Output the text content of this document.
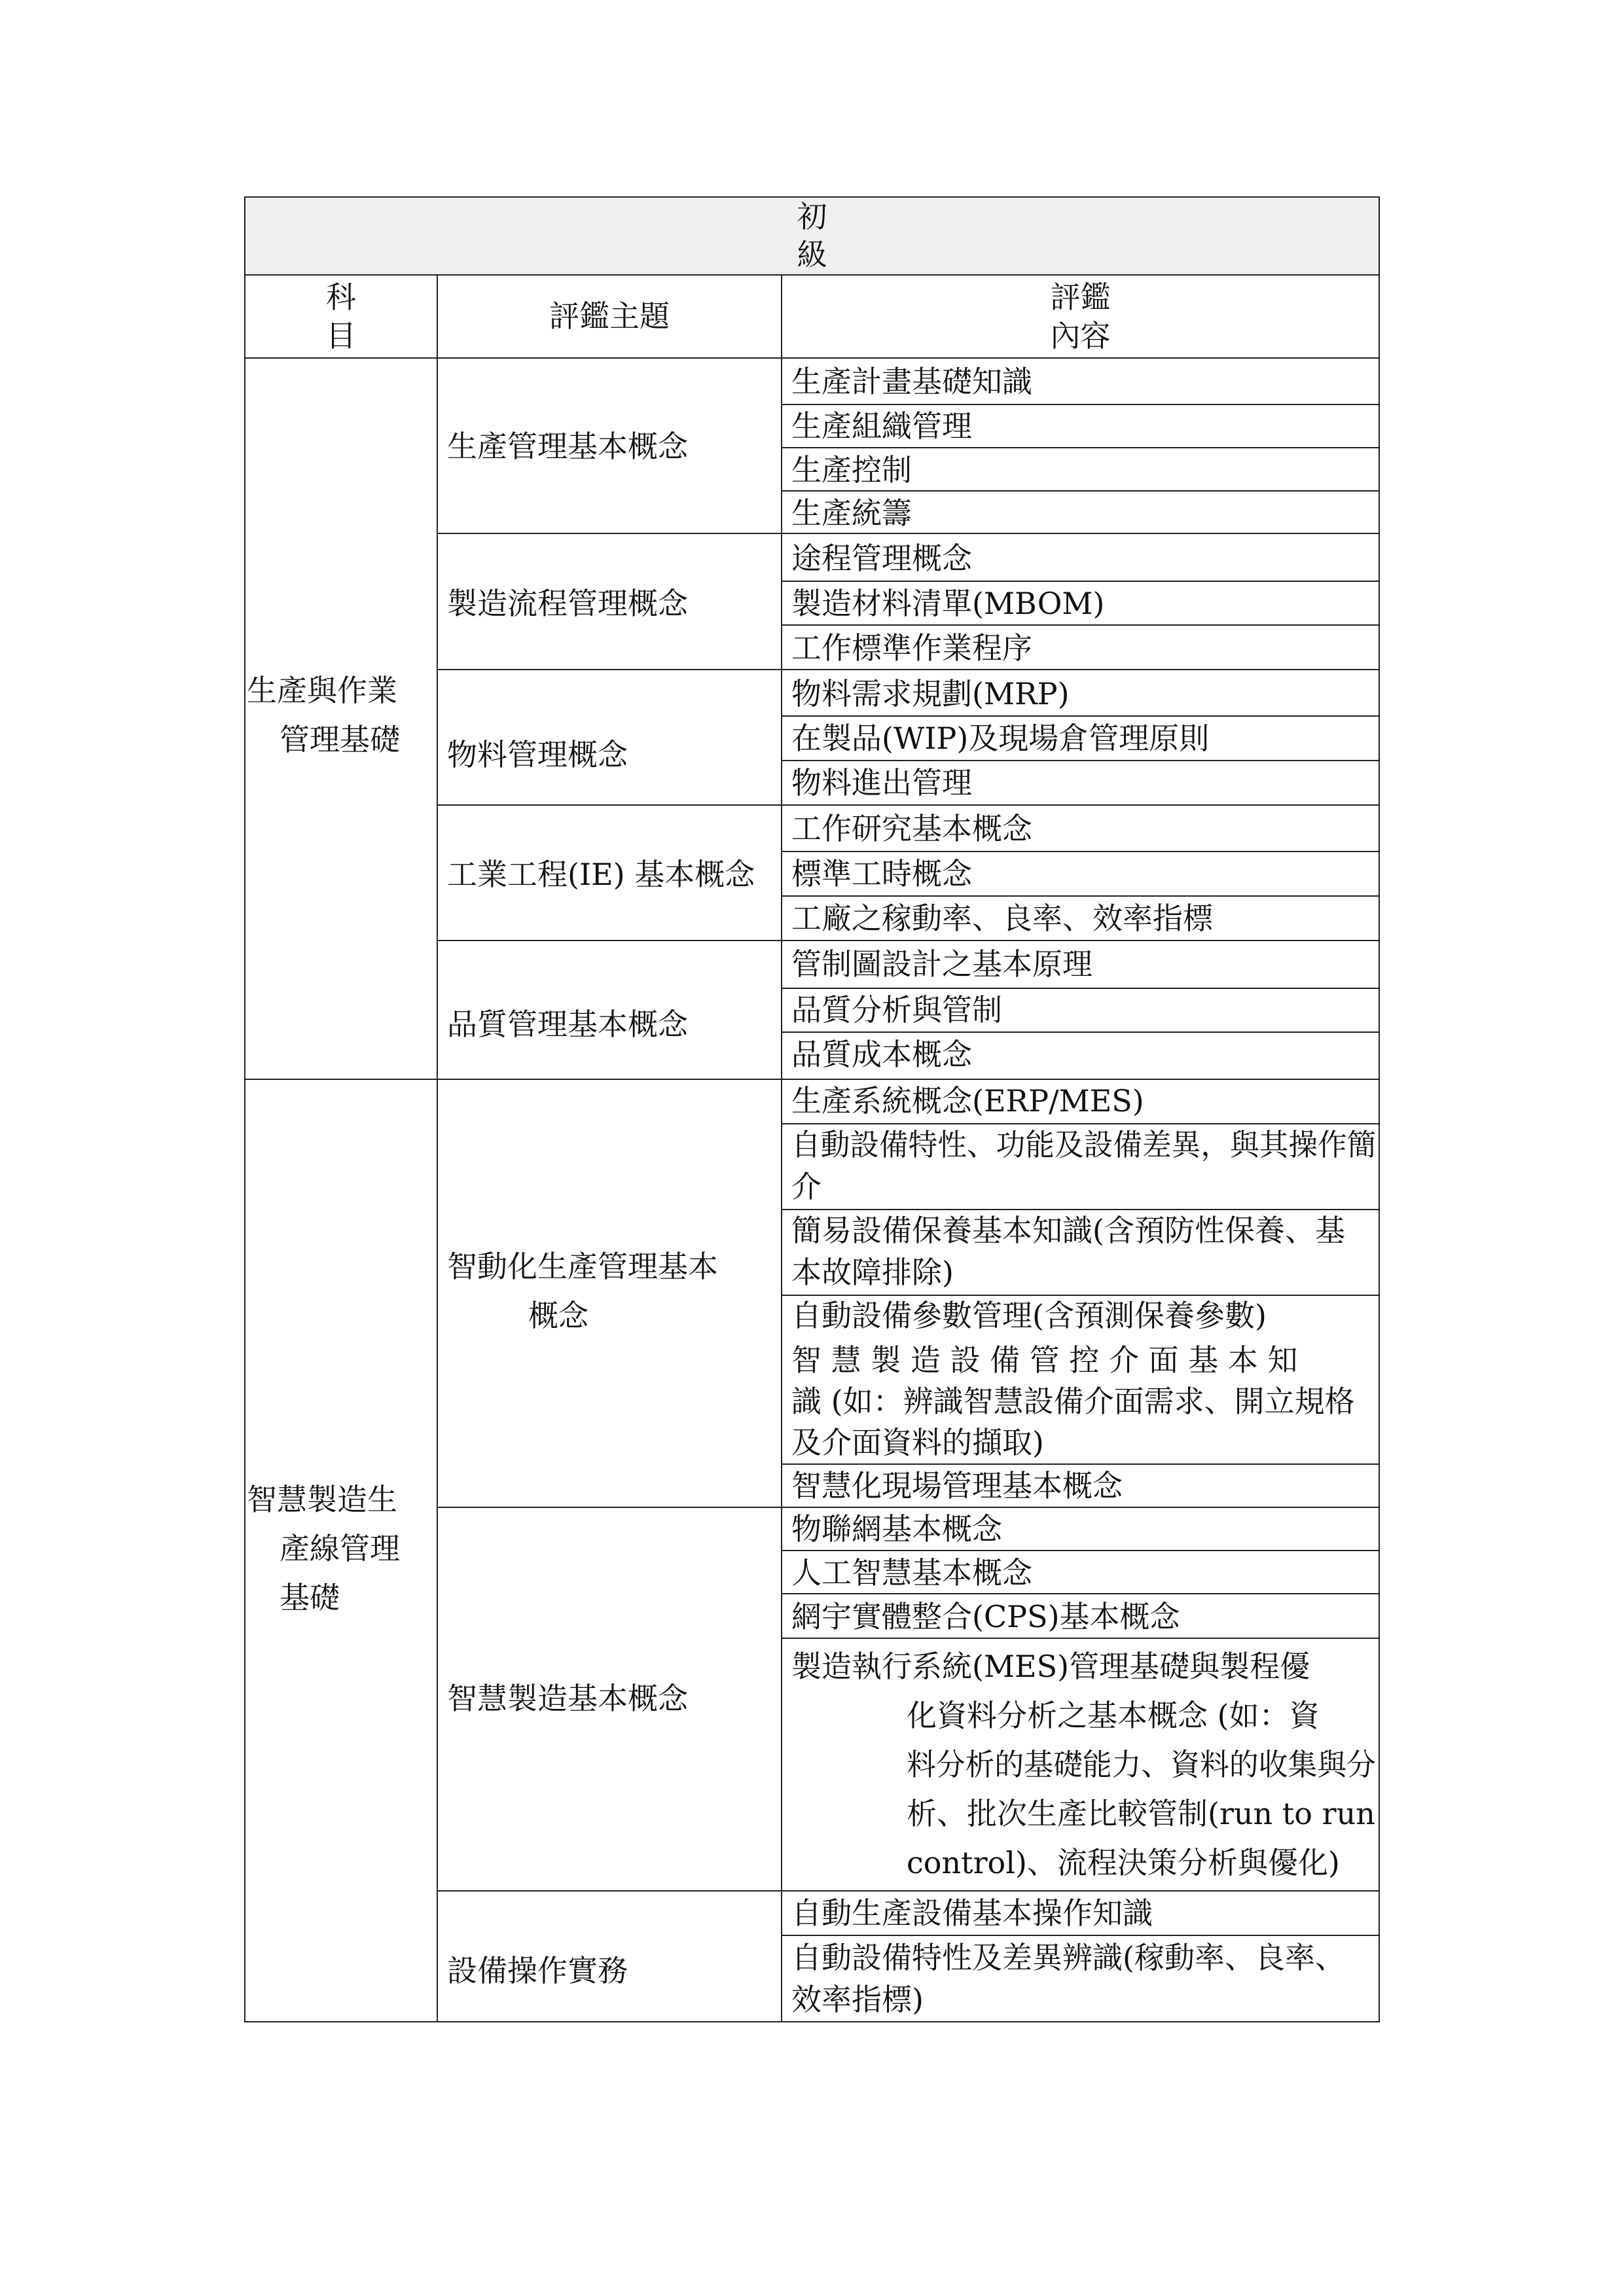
初
級
科
目
評鑑主題
評鑑
內容
生產與作業
管理基礎
智慧製造生
產線管理
基礎
生產管理基本概念
製造流程管理概念
物料管理概念
工業工程(IE) 基本概念
品質管理基本概念
智動化生產管理基本
概念
智慧製造基本概念
設備操作實務
生產計畫基礎知識
生產組織管理
生產控制
生產統籌
途程管理概念
製造材料清單(MBOM)
工作標準作業程序
物料需求規劃(MRP)
在製品(WIP)及現場倉管理原則
物料進出管理
工作研究基本概念
標準工時概念
工廠之稼動率、良率、效率指標
管制圖設計之基本原理
品質分析與管制
品質成本概念
生產系統概念(ERP/MES)
自動設備特性、功能及設備差異，與其操作簡
介
簡易設備保養基本知識(含預防性保養、基
本故障排除)
自動設備參數管理(含預測保養參數)
智 慧 製 造 設 備 管 控 介 面 基 本 知
識 (如：辨識智慧設備介面需求、開立規格
及介面資料的擷取)
智慧化現場管理基本概念
物聯網基本概念
人工智慧基本概念
網宇實體整合(CPS)基本概念
製造執行系統(MES)管理基礎與製程優
化資料分析之基本概念 (如：資
料分析的基礎能力、資料的收集與分
析、批次生產比較管制(run to run
control)、流程決策分析與優化)
自動生產設備基本操作知識
自動設備特性及差異辨識(稼動率、良率、
效率指標)
